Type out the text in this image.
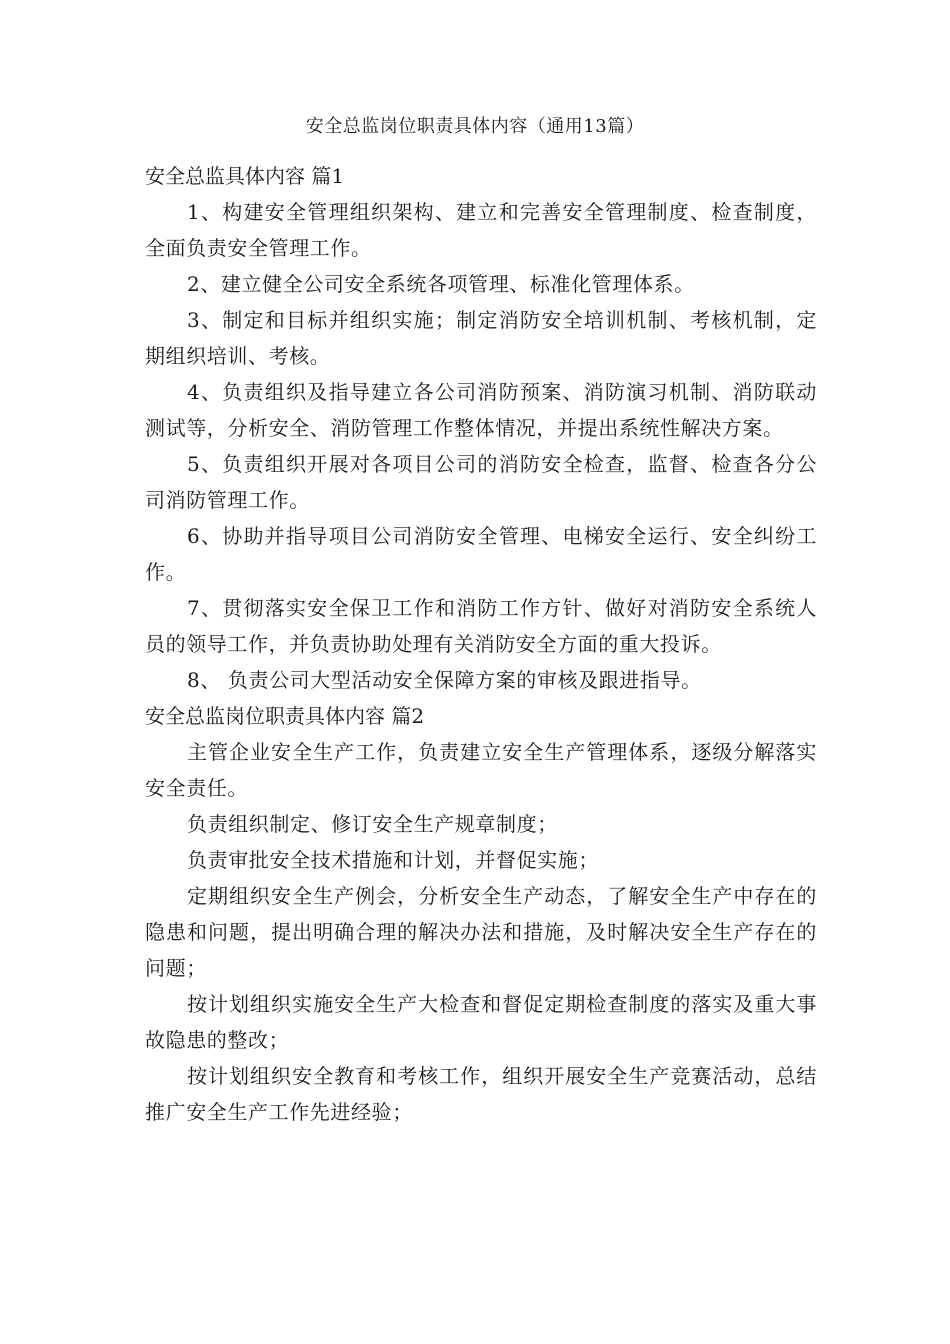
安全总监岗位职责具体内容（通用13篇）
安全总监具体内容 篇1

1、构建安全管理组织架构、建立和完善安全管理制度、检查制度，全面负责安全管理工作。

2、建立健全公司安全系统各项管理、标准化管理体系。

3、制定和目标并组织实施；制定消防安全培训机制、考核机制，定期组织培训、考核。

4、负责组织及指导建立各公司消防预案、消防演习机制、消防联动测试等，分析安全、消防管理工作整体情况，并提出系统性解决方案。

5、负责组织开展对各项目公司的消防安全检查，监督、检查各分公司消防管理工作。

6、协助并指导项目公司消防安全管理、电梯安全运行、安全纠纷工作。

7、贯彻落实安全保卫工作和消防工作方针、做好对消防安全系统人员的领导工作，并负责协助处理有关消防安全方面的重大投诉。

8、 负责公司大型活动安全保障方案的审核及跟进指导。

安全总监岗位职责具体内容 篇2

主管企业安全生产工作，负责建立安全生产管理体系，逐级分解落实安全责任。

负责组织制定、修订安全生产规章制度；

负责审批安全技术措施和计划，并督促实施；

定期组织安全生产例会，分析安全生产动态，了解安全生产中存在的隐患和问题，提出明确合理的解决办法和措施，及时解决安全生产存在的问题；

按计划组织实施安全生产大检查和督促定期检查制度的落实及重大事故隐患的整改；

按计划组织安全教育和考核工作，组织开展安全生产竞赛活动，总结推广安全生产工作先进经验；
